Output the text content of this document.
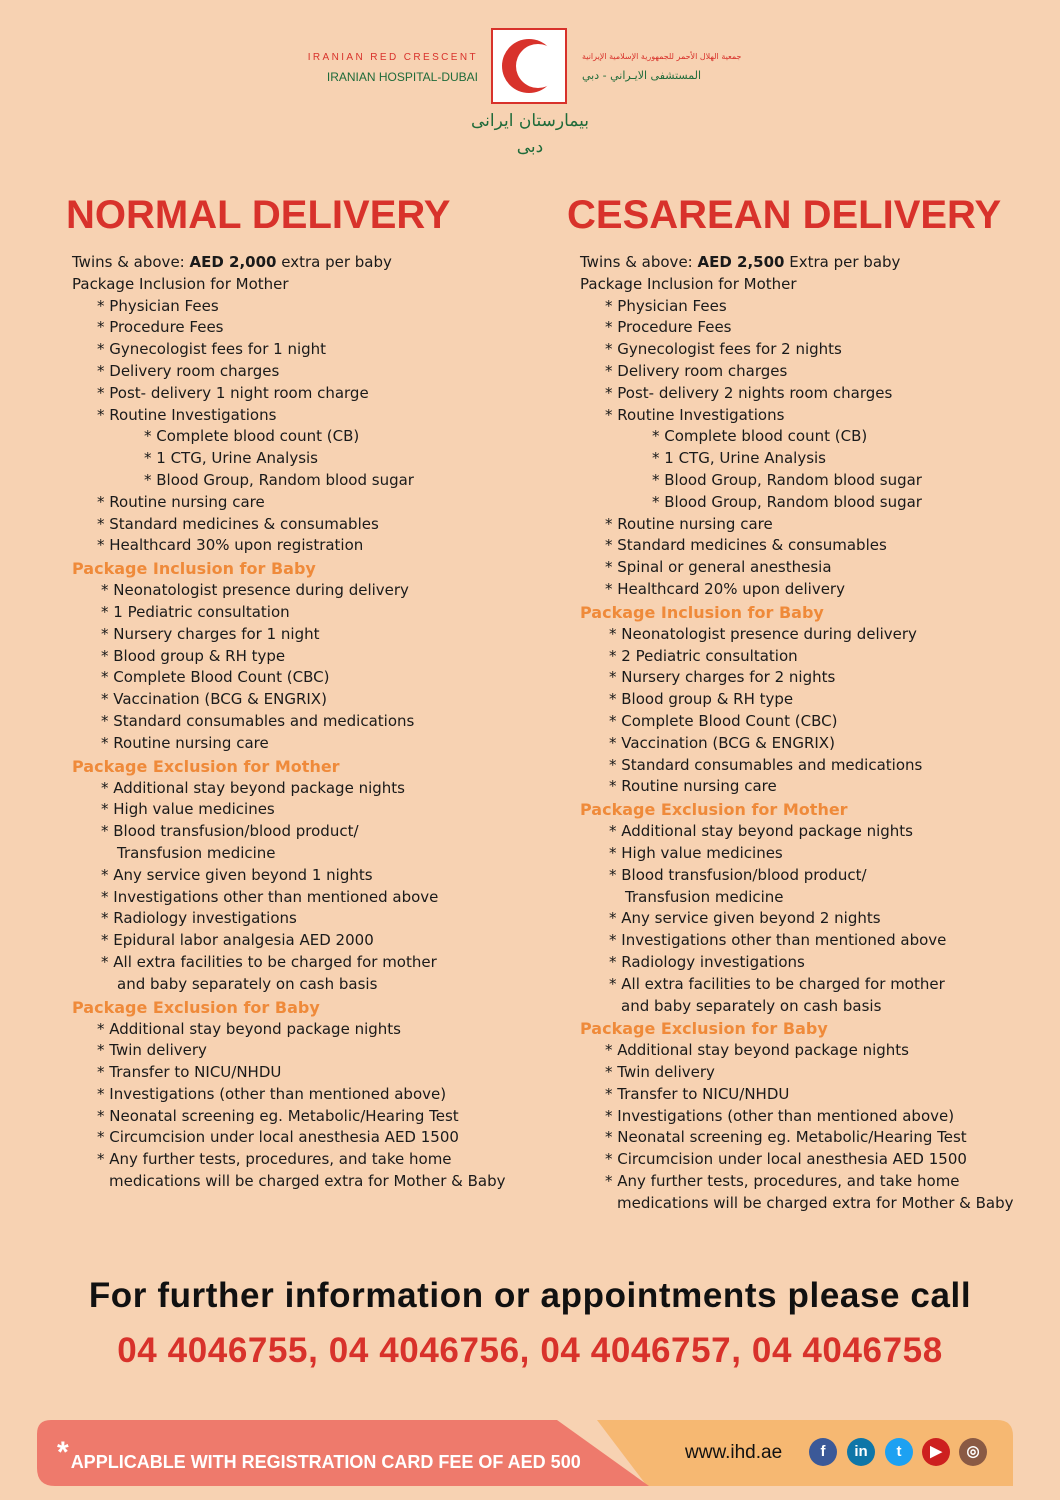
IRANIAN RED CRESCENT
IRANIAN HOSPITAL-DUBAI
جمعية الهلال الأحمر للجمهورية الإسلامية الإيرانية
المستشفى الايـراني - دبي
بیمارستان ایرانی دبی
NORMAL DELIVERY
Twins & above: AED 2,000 extra per baby
Package Inclusion for Mother
* Physician Fees
* Procedure Fees
* Gynecologist fees for 1 night
* Delivery room charges
* Post- delivery 1 night room charge
* Routine Investigations
* Complete blood count (CB)
* 1 CTG, Urine Analysis
* Blood Group, Random blood sugar
* Routine nursing care
* Standard medicines & consumables
* Healthcard 30% upon registration
Package Inclusion for Baby
* Neonatologist presence during delivery
* 1 Pediatric consultation
* Nursery charges for 1 night
* Blood group & RH type
* Complete Blood Count (CBC)
* Vaccination (BCG & ENGRIX)
* Standard consumables and medications
* Routine nursing care
Package Exclusion for Mother
* Additional stay beyond package nights
* High value medicines
* Blood transfusion/blood product/
Transfusion medicine
* Any service given beyond 1 nights
* Investigations other than mentioned above
* Radiology investigations
* Epidural labor analgesia AED 2000
* All extra facilities to be charged for mother
and baby separately on cash basis
Package Exclusion for Baby
* Additional stay beyond package nights
* Twin delivery
* Transfer to NICU/NHDU
* Investigations (other than mentioned above)
* Neonatal screening eg. Metabolic/Hearing Test
* Circumcision under local anesthesia AED 1500
* Any further tests, procedures, and take home
medications will be charged extra for Mother & Baby
CESAREAN DELIVERY
Twins & above: AED 2,500 Extra per baby
Package Inclusion for Mother
* Physician Fees
* Procedure Fees
* Gynecologist fees for 2 nights
* Delivery room charges
* Post- delivery 2 nights room charges
* Routine Investigations
* Complete blood count (CB)
* 1 CTG, Urine Analysis
* Blood Group, Random blood sugar
* Blood Group, Random blood sugar
* Routine nursing care
* Standard medicines & consumables
* Spinal or general anesthesia
* Healthcard 20% upon delivery
Package Inclusion for Baby
* Neonatologist presence during delivery
* 2 Pediatric consultation
* Nursery charges for 2 nights
* Blood group & RH type
* Complete Blood Count (CBC)
* Vaccination (BCG & ENGRIX)
* Standard consumables and medications
* Routine nursing care
Package Exclusion for Mother
* Additional stay beyond package nights
* High value medicines
* Blood transfusion/blood product/
Transfusion medicine
* Any service given beyond 2 nights
* Investigations other than mentioned above
* Radiology investigations
* All extra facilities to be charged for mother
and baby separately on cash basis
Package Exclusion for Baby
* Additional stay beyond package nights
* Twin delivery
* Transfer to NICU/NHDU
* Investigations (other than mentioned above)
* Neonatal screening eg. Metabolic/Hearing Test
* Circumcision under local anesthesia AED 1500
* Any further tests, procedures, and take home
medications will be charged extra for Mother & Baby
For further information or appointments please call
04 4046755, 04 4046756, 04 4046757, 04 4046758
* APPLICABLE WITH REGISTRATION CARD FEE OF AED 500	www.ihd.ae	f	in	t	▶	◎
